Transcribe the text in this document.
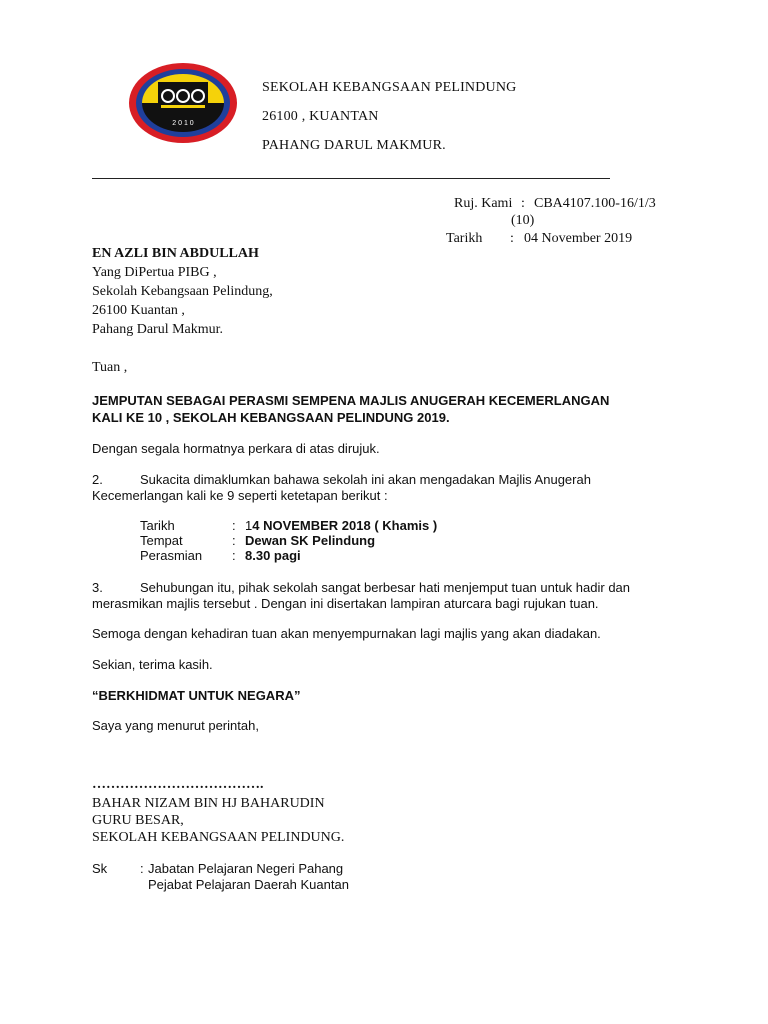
2 0 1 0
SEKOLAH KEBANGSAAN PELINDUNG
26100 , KUANTAN
PAHANG DARUL MAKMUR.
Ruj. Kami : CBA4107.100-16/1/3
(10)
Tarikh : 04 November 2019
EN AZLI BIN ABDULLAH
Yang DiPertua PIBG ,
Sekolah Kebangsaan Pelindung,
26100 Kuantan ,
Pahang Darul Makmur.
Tuan ,
JEMPUTAN SEBAGAI PERASMI SEMPENA MAJLIS ANUGERAH KECEMERLANGAN
KALI KE 10 , SEKOLAH KEBANGSAAN PELINDUNG 2019.
Dengan segala hormatnya perkara di atas dirujuk.
2.	Sukacita dimaklumkan bahawa sekolah ini akan mengadakan Majlis Anugerah
Kecemerlangan kali ke 9 seperti ketetapan berikut :
Tarikh	: 14 NOVEMBER 2018 ( Khamis )
Tempat	: Dewan SK Pelindung
Perasmian : 8.30 pagi
3.	Sehubungan itu, pihak sekolah sangat berbesar hati menjemput tuan untuk hadir dan
merasmikan majlis tersebut . Dengan ini disertakan lampiran aturcara bagi rujukan tuan.
Semoga dengan kehadiran tuan akan menyempurnakan lagi majlis yang akan diadakan.
Sekian, terima kasih.
“BERKHIDMAT UNTUK NEGARA”
Saya yang menurut perintah,
……………………………….
BAHAR NIZAM BIN HJ BAHARUDIN
GURU BESAR,
SEKOLAH KEBANGSAAN PELINDUNG.
Sk	: Jabatan Pelajaran Negeri Pahang
Pejabat Pelajaran Daerah Kuantan
